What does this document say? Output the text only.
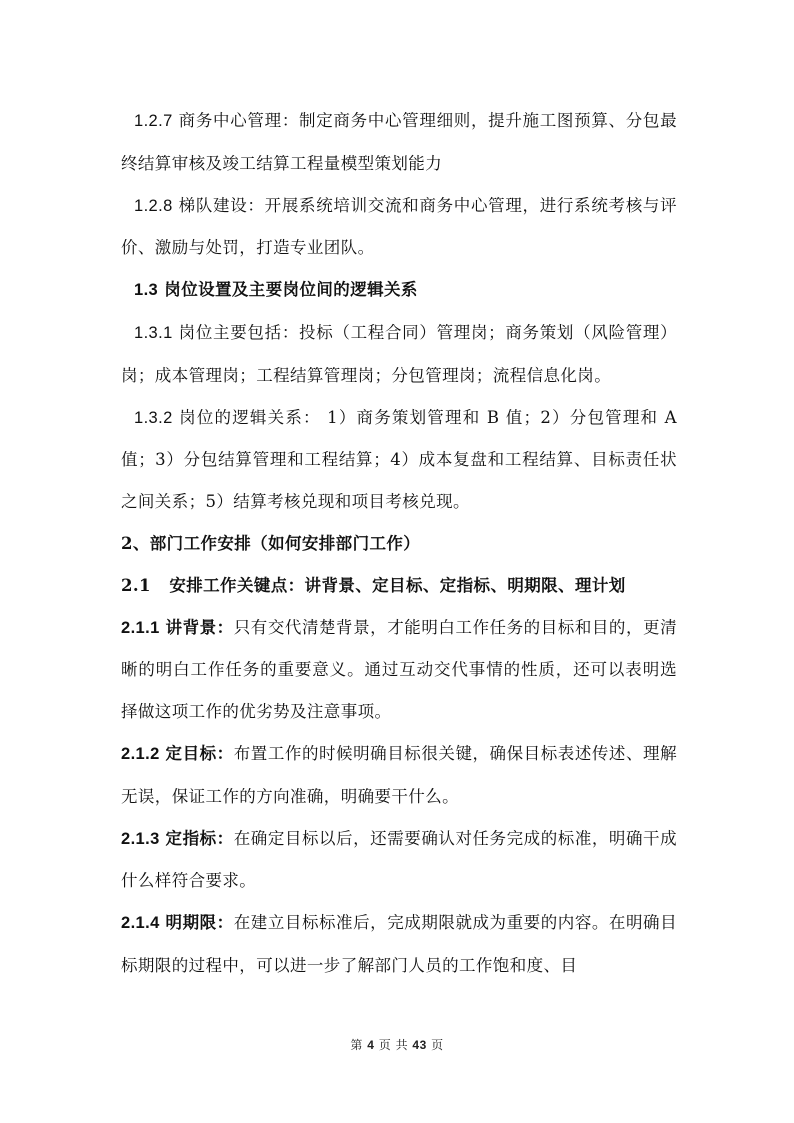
1.2.7 商务中心管理：制定商务中心管理细则，提升施工图预算、分包最终结算审核及竣工结算工程量模型策划能力

1.2.8 梯队建设：开展系统培训交流和商务中心管理，进行系统考核与评价、激励与处罚，打造专业团队。

1.3 岗位设置及主要岗位间的逻辑关系

1.3.1 岗位主要包括：投标（工程合同）管理岗；商务策划（风险管理）岗；成本管理岗；工程结算管理岗；分包管理岗；流程信息化岗。

1.3.2 岗位的逻辑关系： 1）商务策划管理和 B 值；2）分包管理和 A 值；3）分包结算管理和工程结算；4）成本复盘和工程结算、目标责任状之间关系；5）结算考核兑现和项目考核兑现。

2、部门工作安排（如何安排部门工作）

2.1   安排工作关键点：讲背景、定目标、定指标、明期限、理计划

2.1.1 讲背景：只有交代清楚背景，才能明白工作任务的目标和目的，更清晰的明白工作任务的重要意义。通过互动交代事情的性质，还可以表明选择做这项工作的优劣势及注意事项。

2.1.2 定目标：布置工作的时候明确目标很关键，确保目标表述传述、理解无误，保证工作的方向准确，明确要干什么。

2.1.3 定指标：在确定目标以后，还需要确认对任务完成的标准，明确干成什么样符合要求。

2.1.4 明期限：在建立目标标准后，完成期限就成为重要的内容。在明确目标期限的过程中，可以进一步了解部门人员的工作饱和度、目

第 4 页 共 43 页
